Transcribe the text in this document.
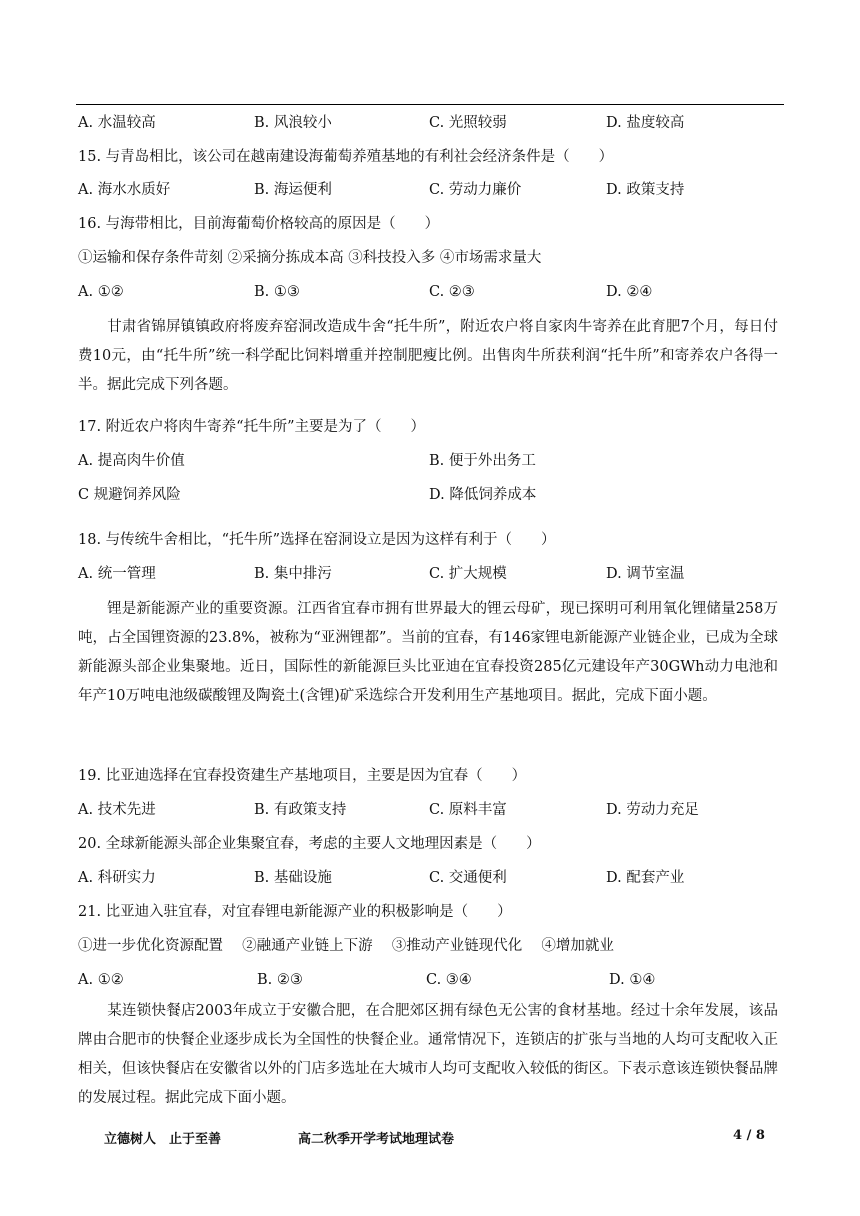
A. 水温较高	B. 风浪较小	C. 光照较弱	D. 盐度较高
15. 与青岛相比，该公司在越南建设海葡萄养殖基地的有利社会经济条件是（　　）
A. 海水水质好	B. 海运便利	C. 劳动力廉价	D. 政策支持
16. 与海带相比，目前海葡萄价格较高的原因是（　　）
①运输和保存条件苛刻 ②采摘分拣成本高 ③科技投入多 ④市场需求量大
A. ①②	B. ①③	C. ②③	D. ②④
甘肃省锦屏镇镇政府将废弃窑洞改造成牛舍“托牛所”，附近农户将自家肉牛寄养在此育肥7个月，每日付费10元，由“托牛所”统一科学配比饲料增重并控制肥瘦比例。出售肉牛所获利润“托牛所”和寄养农户各得一半。据此完成下列各题。
17. 附近农户将肉牛寄养“托牛所”主要是为了（　　）
A. 提高肉牛价值	B. 便于外出务工
C 规避饲养风险	D. 降低饲养成本
18. 与传统牛舍相比，“托牛所”选择在窑洞设立是因为这样有利于（　　）
A. 统一管理	B. 集中排污	C. 扩大规模	D. 调节室温
锂是新能源产业的重要资源。江西省宜春市拥有世界最大的锂云母矿，现已探明可利用氧化锂储量258万吨，占全国锂资源的23.8%，被称为“亚洲锂都”。当前的宜春，有146家锂电新能源产业链企业，已成为全球新能源头部企业集聚地。近日，国际性的新能源巨头比亚迪在宜春投资285亿元建设年产30GWh动力电池和年产10万吨电池级碳酸锂及陶瓷土(含锂)矿采选综合开发利用生产基地项目。据此，完成下面小题。
19. 比亚迪选择在宜春投资建生产基地项目，主要是因为宜春（　　）
A. 技术先进	B. 有政策支持	C. 原料丰富	D. 劳动力充足
20. 全球新能源头部企业集聚宜春，考虑的主要人文地理因素是（　　）
A. 科研实力	B. 基础设施	C. 交通便利	D. 配套产业
21. 比亚迪入驻宜春，对宜春锂电新能源产业的积极影响是（　　）
①进一步优化资源配置　 ②融通产业链上下游　 ③推动产业链现代化　 ④增加就业
A. ①②	B. ②③	C. ③④	D. ①④
某连锁快餐店2003年成立于安徽合肥，在合肥郊区拥有绿色无公害的食材基地。经过十余年发展，该品牌由合肥市的快餐企业逐步成长为全国性的快餐企业。通常情况下，连锁店的扩张与当地的人均可支配收入正相关，但该快餐店在安徽省以外的门店多选址在大城市人均可支配收入较低的街区。下表示意该连锁快餐品牌的发展过程。据此完成下面小题。
立德树人　止于至善	高二秋季开学考试地理试卷	4 / 8
